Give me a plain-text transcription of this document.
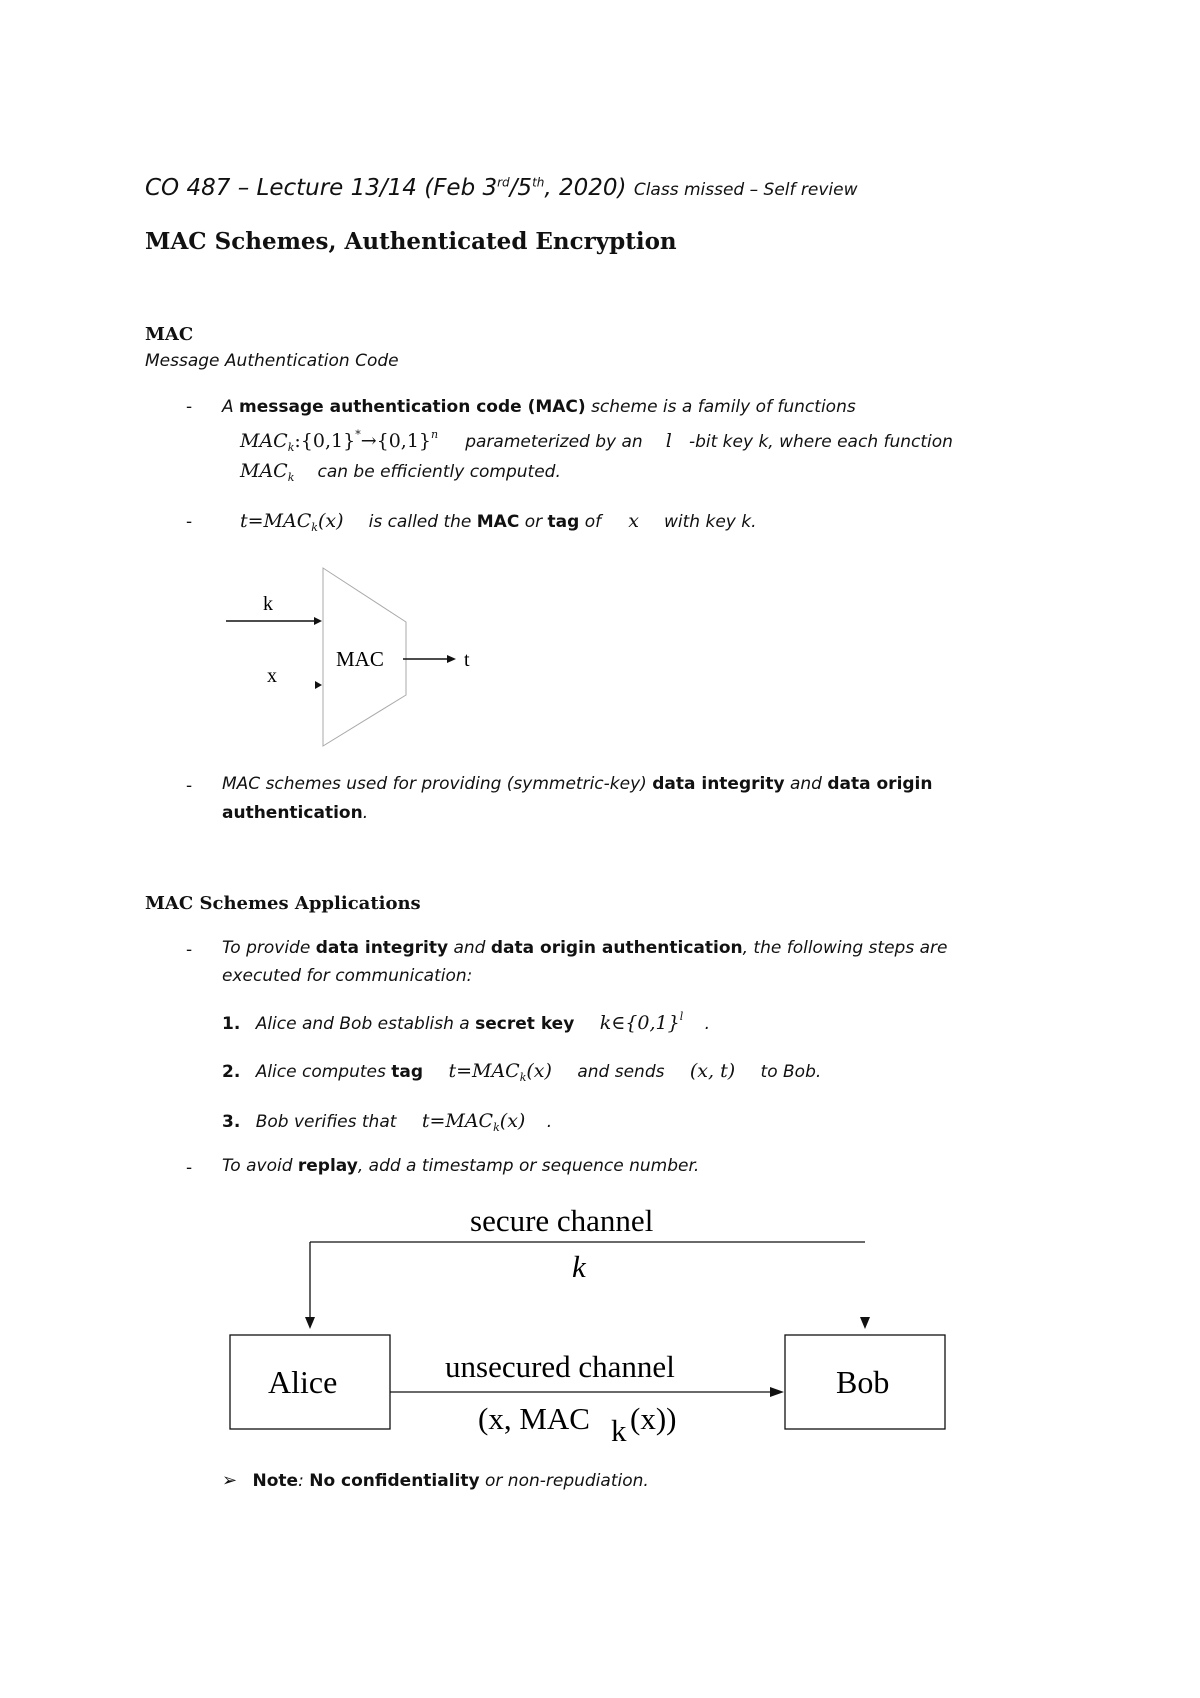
CO 487 – Lecture 13/14 (Feb 3rd/5th, 2020) Class missed – Self review
MAC Schemes, Authenticated Encryption
MAC
Message Authentication Code
- A message authentication code (MAC) scheme is a family of functions
$MAC_k:\{0,1\}^*\to\{0,1\}^n$ parameterized by an l -bit key k, where each function
$MAC_k$ can be efficiently computed.
-	$t=MAC_k(x)$ is called the MAC or tag of x with key k.
k
x
MAC	t
- MAC schemes used for providing (symmetric-key) data integrity and data origin
authentication.
MAC Schemes Applications
- To provide data integrity and data origin authentication, the following steps are
executed for communication:
1. Alice and Bob establish a secret key $k\in\{0,1\}^l$ .
2. Alice computes tag $t=MAC_k(x)$ and sends (x, t) to Bob.
3. Bob verifies that $t=MAC_k(x)$ .
- To avoid replay, add a timestamp or sequence number.
secure channel
k
Alice	Bob
unsecured channel
(x, MAC k (x))
➢ Note: No confidentiality or non-repudiation.
